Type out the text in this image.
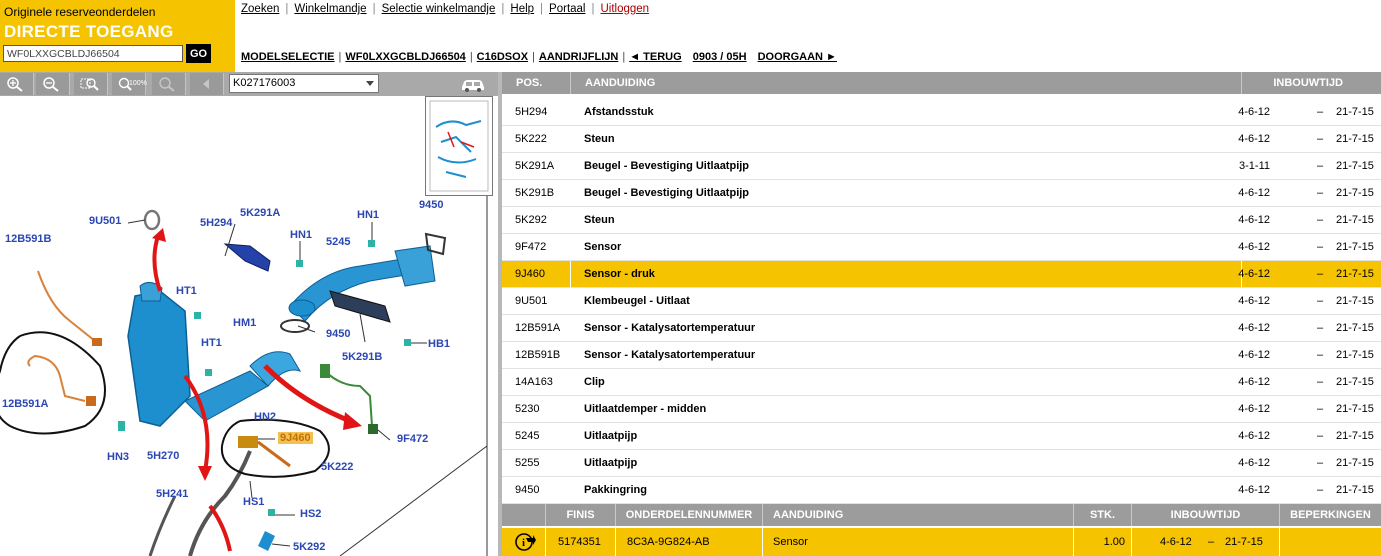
Originele reserveonderdelen
DIRECTE TOEGANG
WF0LXXGCBLDJ66504
GO
Zoeken | Winkelmandje | Selectie winkelmandje | Help | Portaal | Uitloggen
MODELSELECTIE | WF0LXXGCBLDJ66504 | C16DSOX | AANDRIJFLIJN | ◄ TERUG 0903 / 05H DOORGAAN ►
100%	K027176003
9U501	5H294
5K291A	HN1
9450
12B591B	HN1
5245
HT1
HM1
9450
HB1
5K291B
HT1
12B591A
HN2
9J460	9F472
HN3 5H270
5K222
5H241
HS1
HS2
5K292
POS.	AANDUIDING	INBOUWTIJD
5H294	Afstandsstuk	4-6-12	– 21-7-15
5K222	Steun	4-6-12	– 21-7-15
5K291A	Beugel - Bevestiging Uitlaatpijp	3-1-11	– 21-7-15
5K291B	Beugel - Bevestiging Uitlaatpijp	4-6-12	– 21-7-15
5K292	Steun	4-6-12	– 21-7-15
9F472	Sensor	4-6-12	– 21-7-15
9J460	Sensor - druk	4-6-12	– 21-7-15
9U501	Klembeugel - Uitlaat	4-6-12	– 21-7-15
12B591A Sensor - Katalysatortemperatuur	4-6-12	– 21-7-15
12B591B Sensor - Katalysatortemperatuur	4-6-12	– 21-7-15
14A163	Clip	4-6-12	– 21-7-15
5230	Uitlaatdemper - midden	4-6-12	– 21-7-15
5245	Uitlaatpijp	4-6-12	– 21-7-15
5255	Uitlaatpijp	4-6-12	– 21-7-15
9450	Pakkingring	4-6-12	– 21-7-15
FINIS	ONDERDELENNUMMER	AANDUIDING	STK.	INBOUWTIJD	BEPERKINGEN
i	5174351	8C3A-9G824-AB	Sensor	1.00	4-6-12 – 21-7-15
